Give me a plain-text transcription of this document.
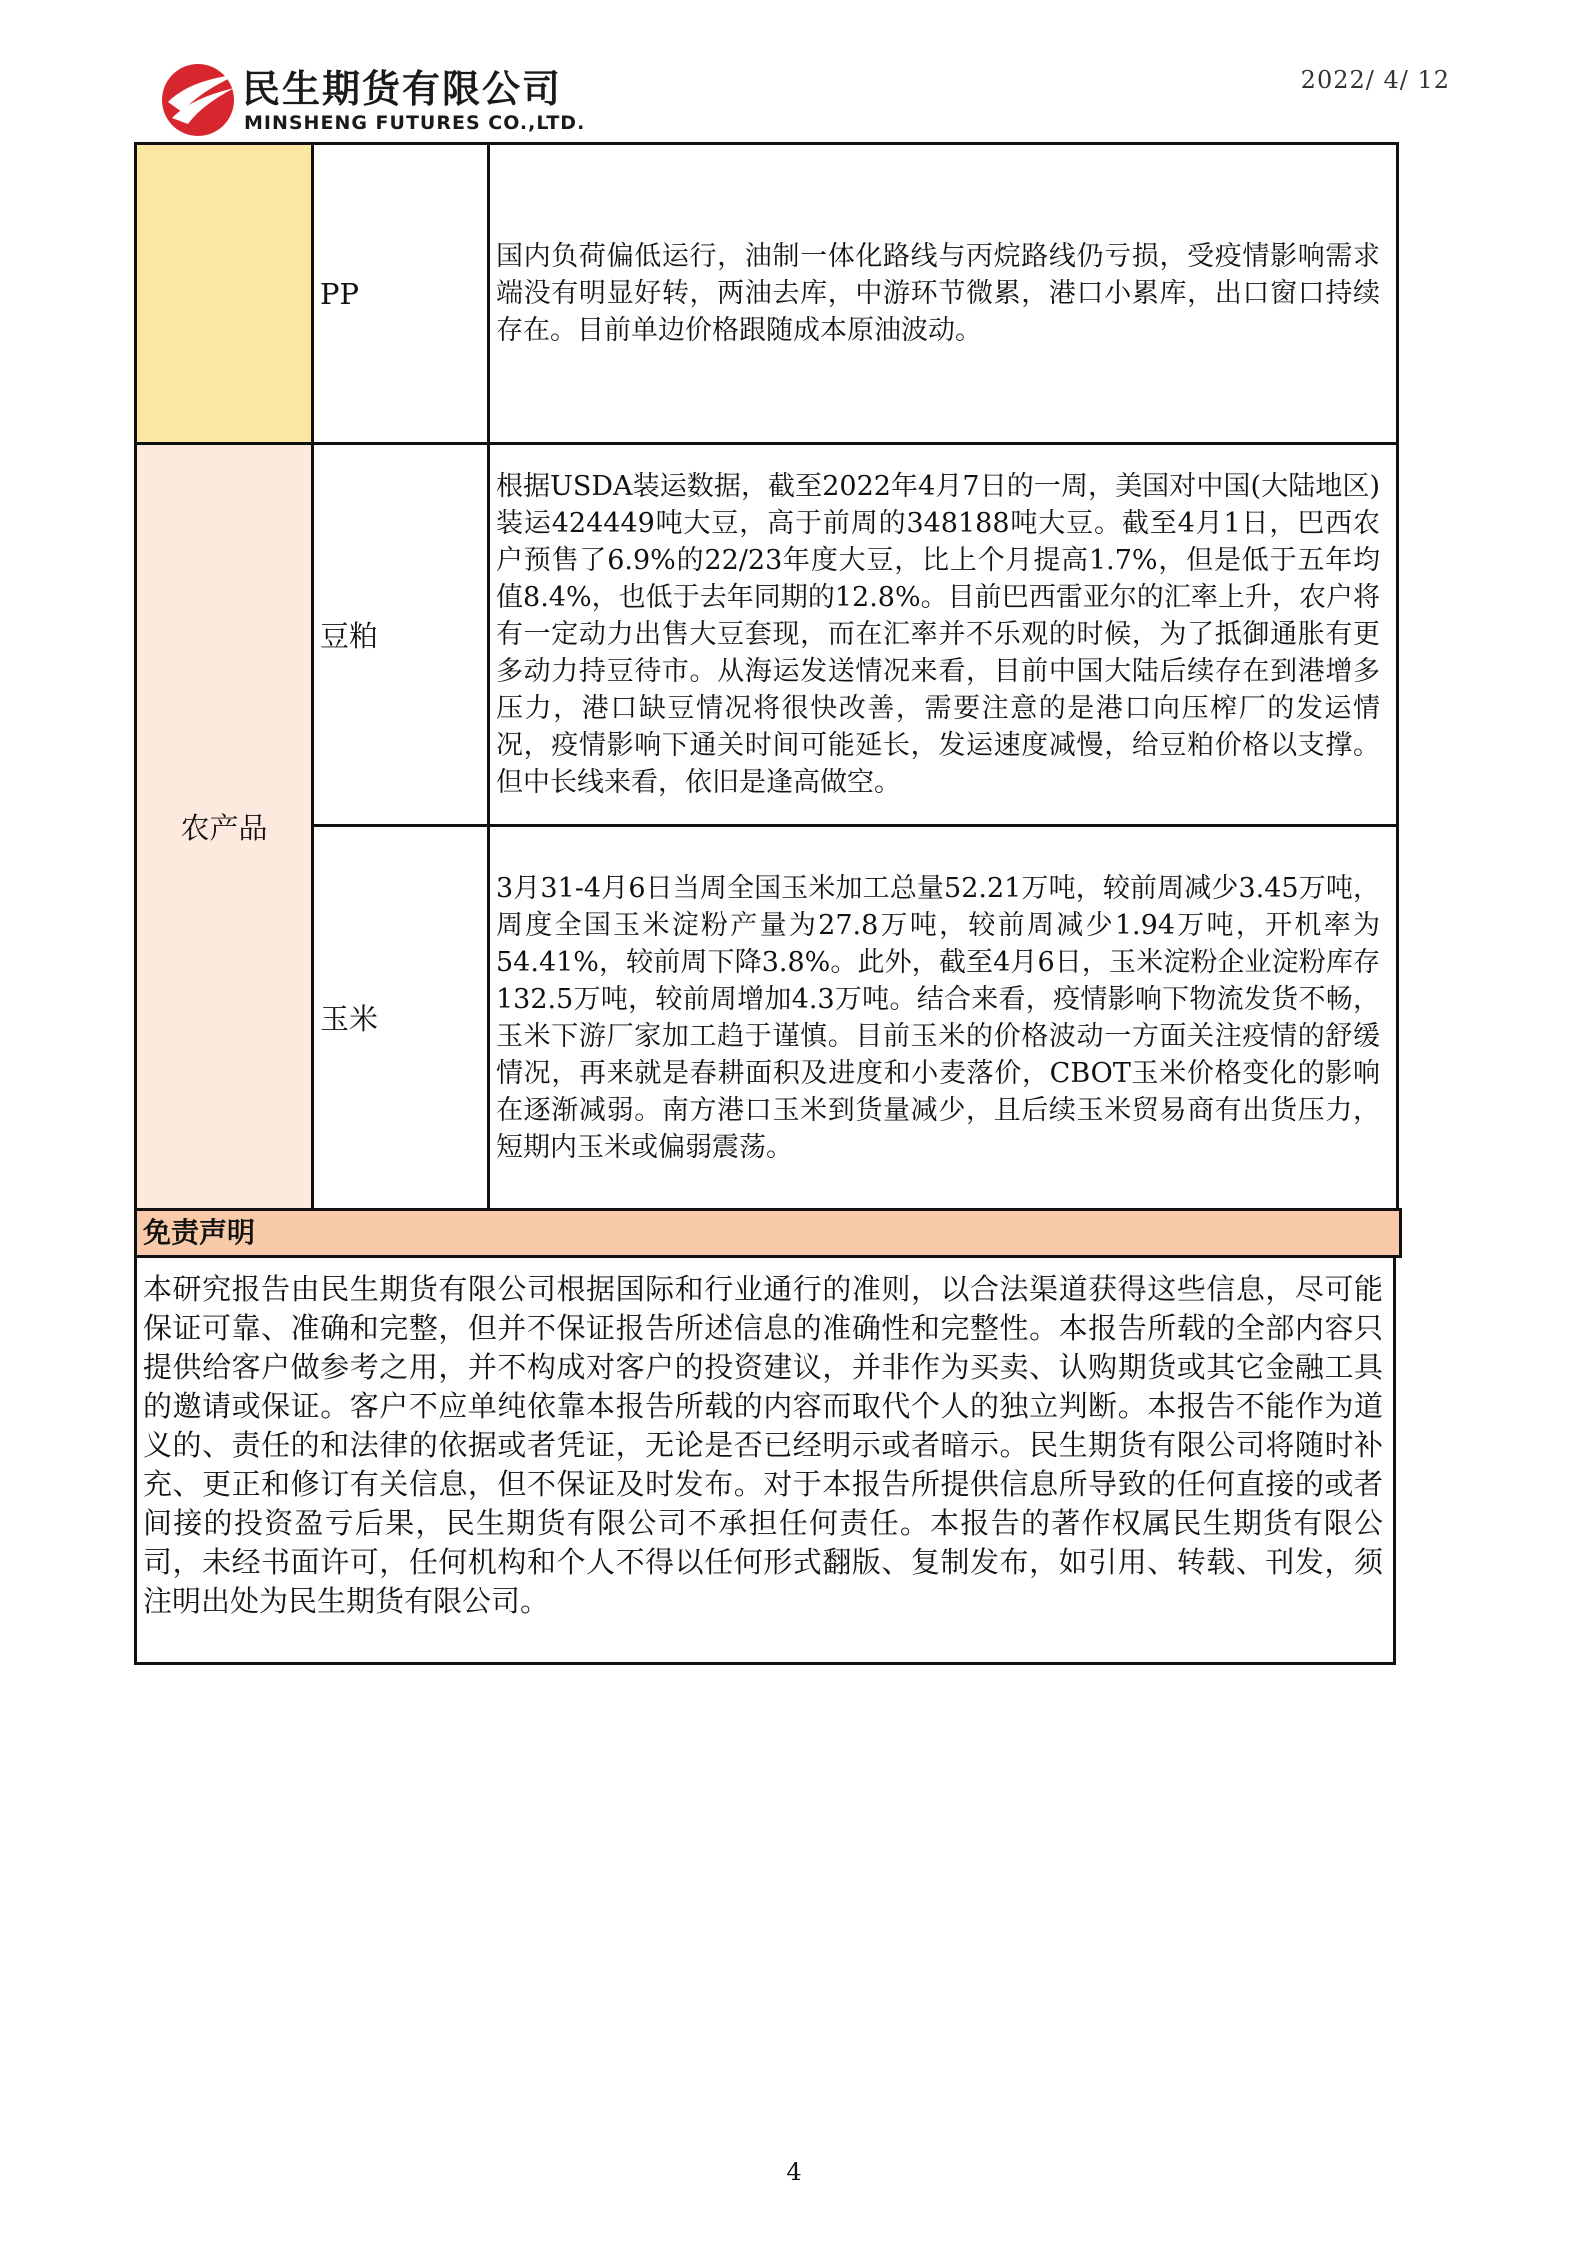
民生期货有限公司
MINSHENG FUTURES CO.,LTD.
2022/ 4/ 12
	PP	国内负荷偏低运行，油制一体化路线与丙烷路线仍亏损，受疫情影响需求端没有明显好转，两油去库，中游环节微累，港口小累库，出口窗口持续存在。目前单边价格跟随成本原油波动。
农产品	豆粕	根据USDA装运数据，截至2022年4月7日的一周，美国对中国(大陆地区)装运424449吨大豆，高于前周的348188吨大豆。截至4月1日，巴西农户预售了6.9%的22/23年度大豆，比上个月提高1.7%，但是低于五年均值8.4%，也低于去年同期的12.8%。目前巴西雷亚尔的汇率上升，农户将有一定动力出售大豆套现，而在汇率并不乐观的时候，为了抵御通胀有更多动力持豆待市。从海运发送情况来看，目前中国大陆后续存在到港增多压力，港口缺豆情况将很快改善，需要注意的是港口向压榨厂的发运情况，疫情影响下通关时间可能延长，发运速度减慢，给豆粕价格以支撑。但中长线来看，依旧是逢高做空。
	玉米	3月31-4月6日当周全国玉米加工总量52.21万吨，较前周减少3.45万吨，周度全国玉米淀粉产量为27.8万吨，较前周减少1.94万吨，开机率为54.41%，较前周下降3.8%。此外，截至4月6日，玉米淀粉企业淀粉库存132.5万吨，较前周增加4.3万吨。结合来看，疫情影响下物流发货不畅，玉米下游厂家加工趋于谨慎。目前玉米的价格波动一方面关注疫情的舒缓情况，再来就是春耕面积及进度和小麦落价，CBOT玉米价格变化的影响在逐渐减弱。南方港口玉米到货量减少，且后续玉米贸易商有出货压力，短期内玉米或偏弱震荡。
免责声明
本研究报告由民生期货有限公司根据国际和行业通行的准则，以合法渠道获得这些信息，尽可能保证可靠、准确和完整，但并不保证报告所述信息的准确性和完整性。本报告所载的全部内容只提供给客户做参考之用，并不构成对客户的投资建议，并非作为买卖、认购期货或其它金融工具的邀请或保证。客户不应单纯依靠本报告所载的内容而取代个人的独立判断。本报告不能作为道义的、责任的和法律的依据或者凭证，无论是否已经明示或者暗示。民生期货有限公司将随时补充、更正和修订有关信息，但不保证及时发布。对于本报告所提供信息所导致的任何直接的或者间接的投资盈亏后果，民生期货有限公司不承担任何责任。本报告的著作权属民生期货有限公司，未经书面许可，任何机构和个人不得以任何形式翻版、复制发布，如引用、转载、刊发，须注明出处为民生期货有限公司。
4
